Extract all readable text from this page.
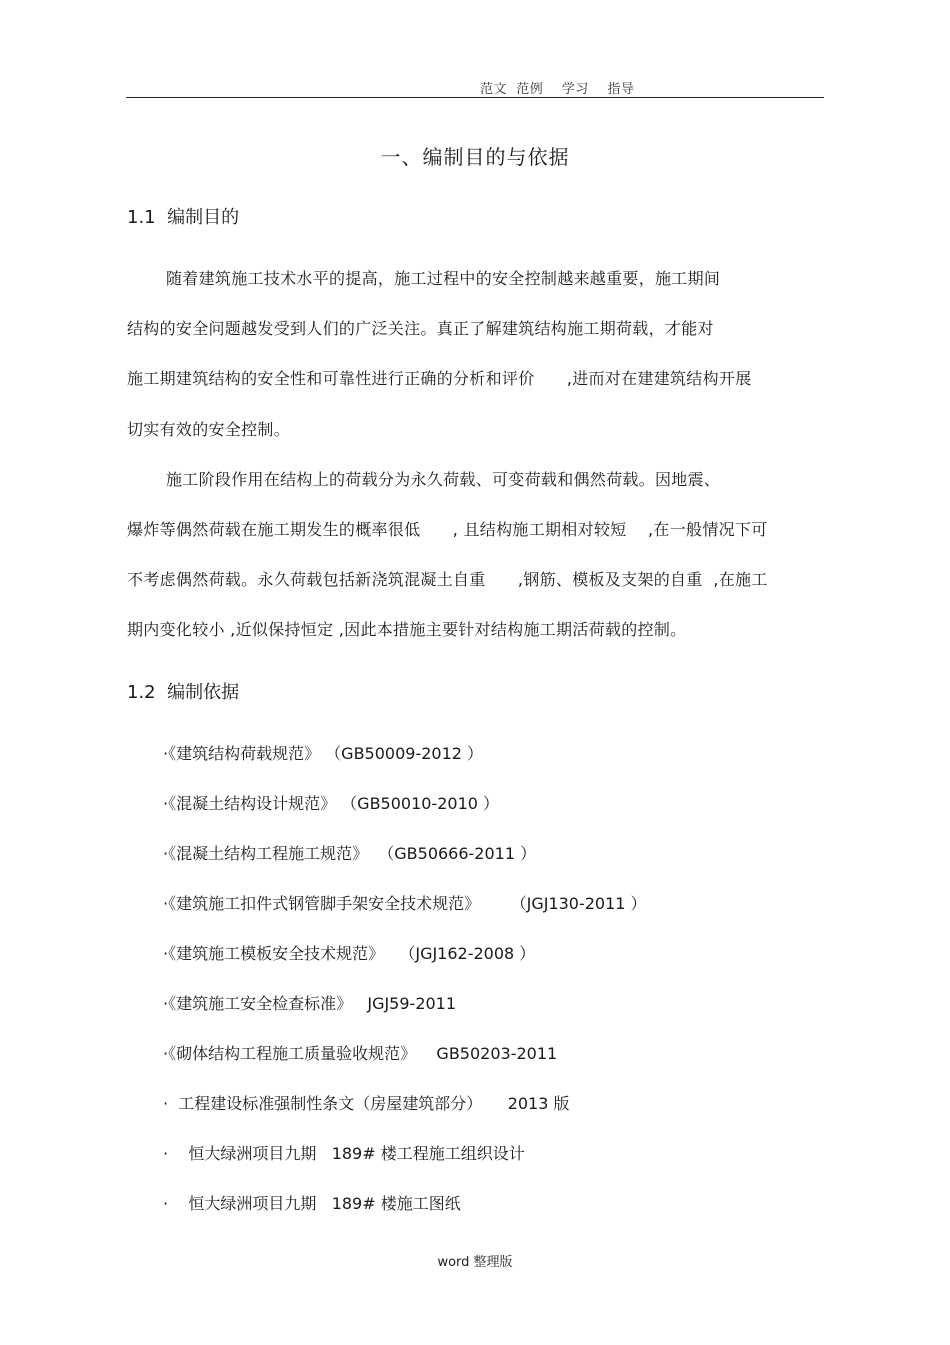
范文  范例    学习    指导
一、编制目的与依据
1.1  编制目的
随着建筑施工技术水平的提高，施工过程中的安全控制越来越重要，施工期间
结构的安全问题越发受到人们的广泛关注。真正了解建筑结构施工期荷载，才能对
施工期建筑结构的安全性和可靠性进行正确的分析和评价      ,进而对在建建筑结构开展
切实有效的安全控制。
施工阶段作用在结构上的荷载分为永久荷载、可变荷载和偶然荷载。因地震、
爆炸等偶然荷载在施工期发生的概率很低      , 且结构施工期相对较短    ,在一般情况下可
不考虑偶然荷载。永久荷载包括新浇筑混凝土自重      ,钢筋、模板及支架的自重  ,在施工
期内变化较小 ,近似保持恒定 ,因此本措施主要针对结构施工期活荷载的控制。
1.2  编制依据
·《建筑结构荷载规范》 （GB50009-2012 ）
·《混凝土结构设计规范》 （GB50010-2010 ）
·《混凝土结构工程施工规范》  （GB50666-2011 ）
·《建筑施工扣件式钢管脚手架安全技术规范》      （JGJ130-2011 ）
·《建筑施工模板安全技术规范》   （JGJ162-2008 ）
·《建筑施工安全检查标准》   JGJ59-2011
·《砌体结构工程施工质量验收规范》    GB50203-2011
·  工程建设标准强制性条文（房屋建筑部分）     2013 版
·    恒大绿洲项目九期   189# 楼工程施工组织设计
·    恒大绿洲项目九期   189# 楼施工图纸
word 整理版
